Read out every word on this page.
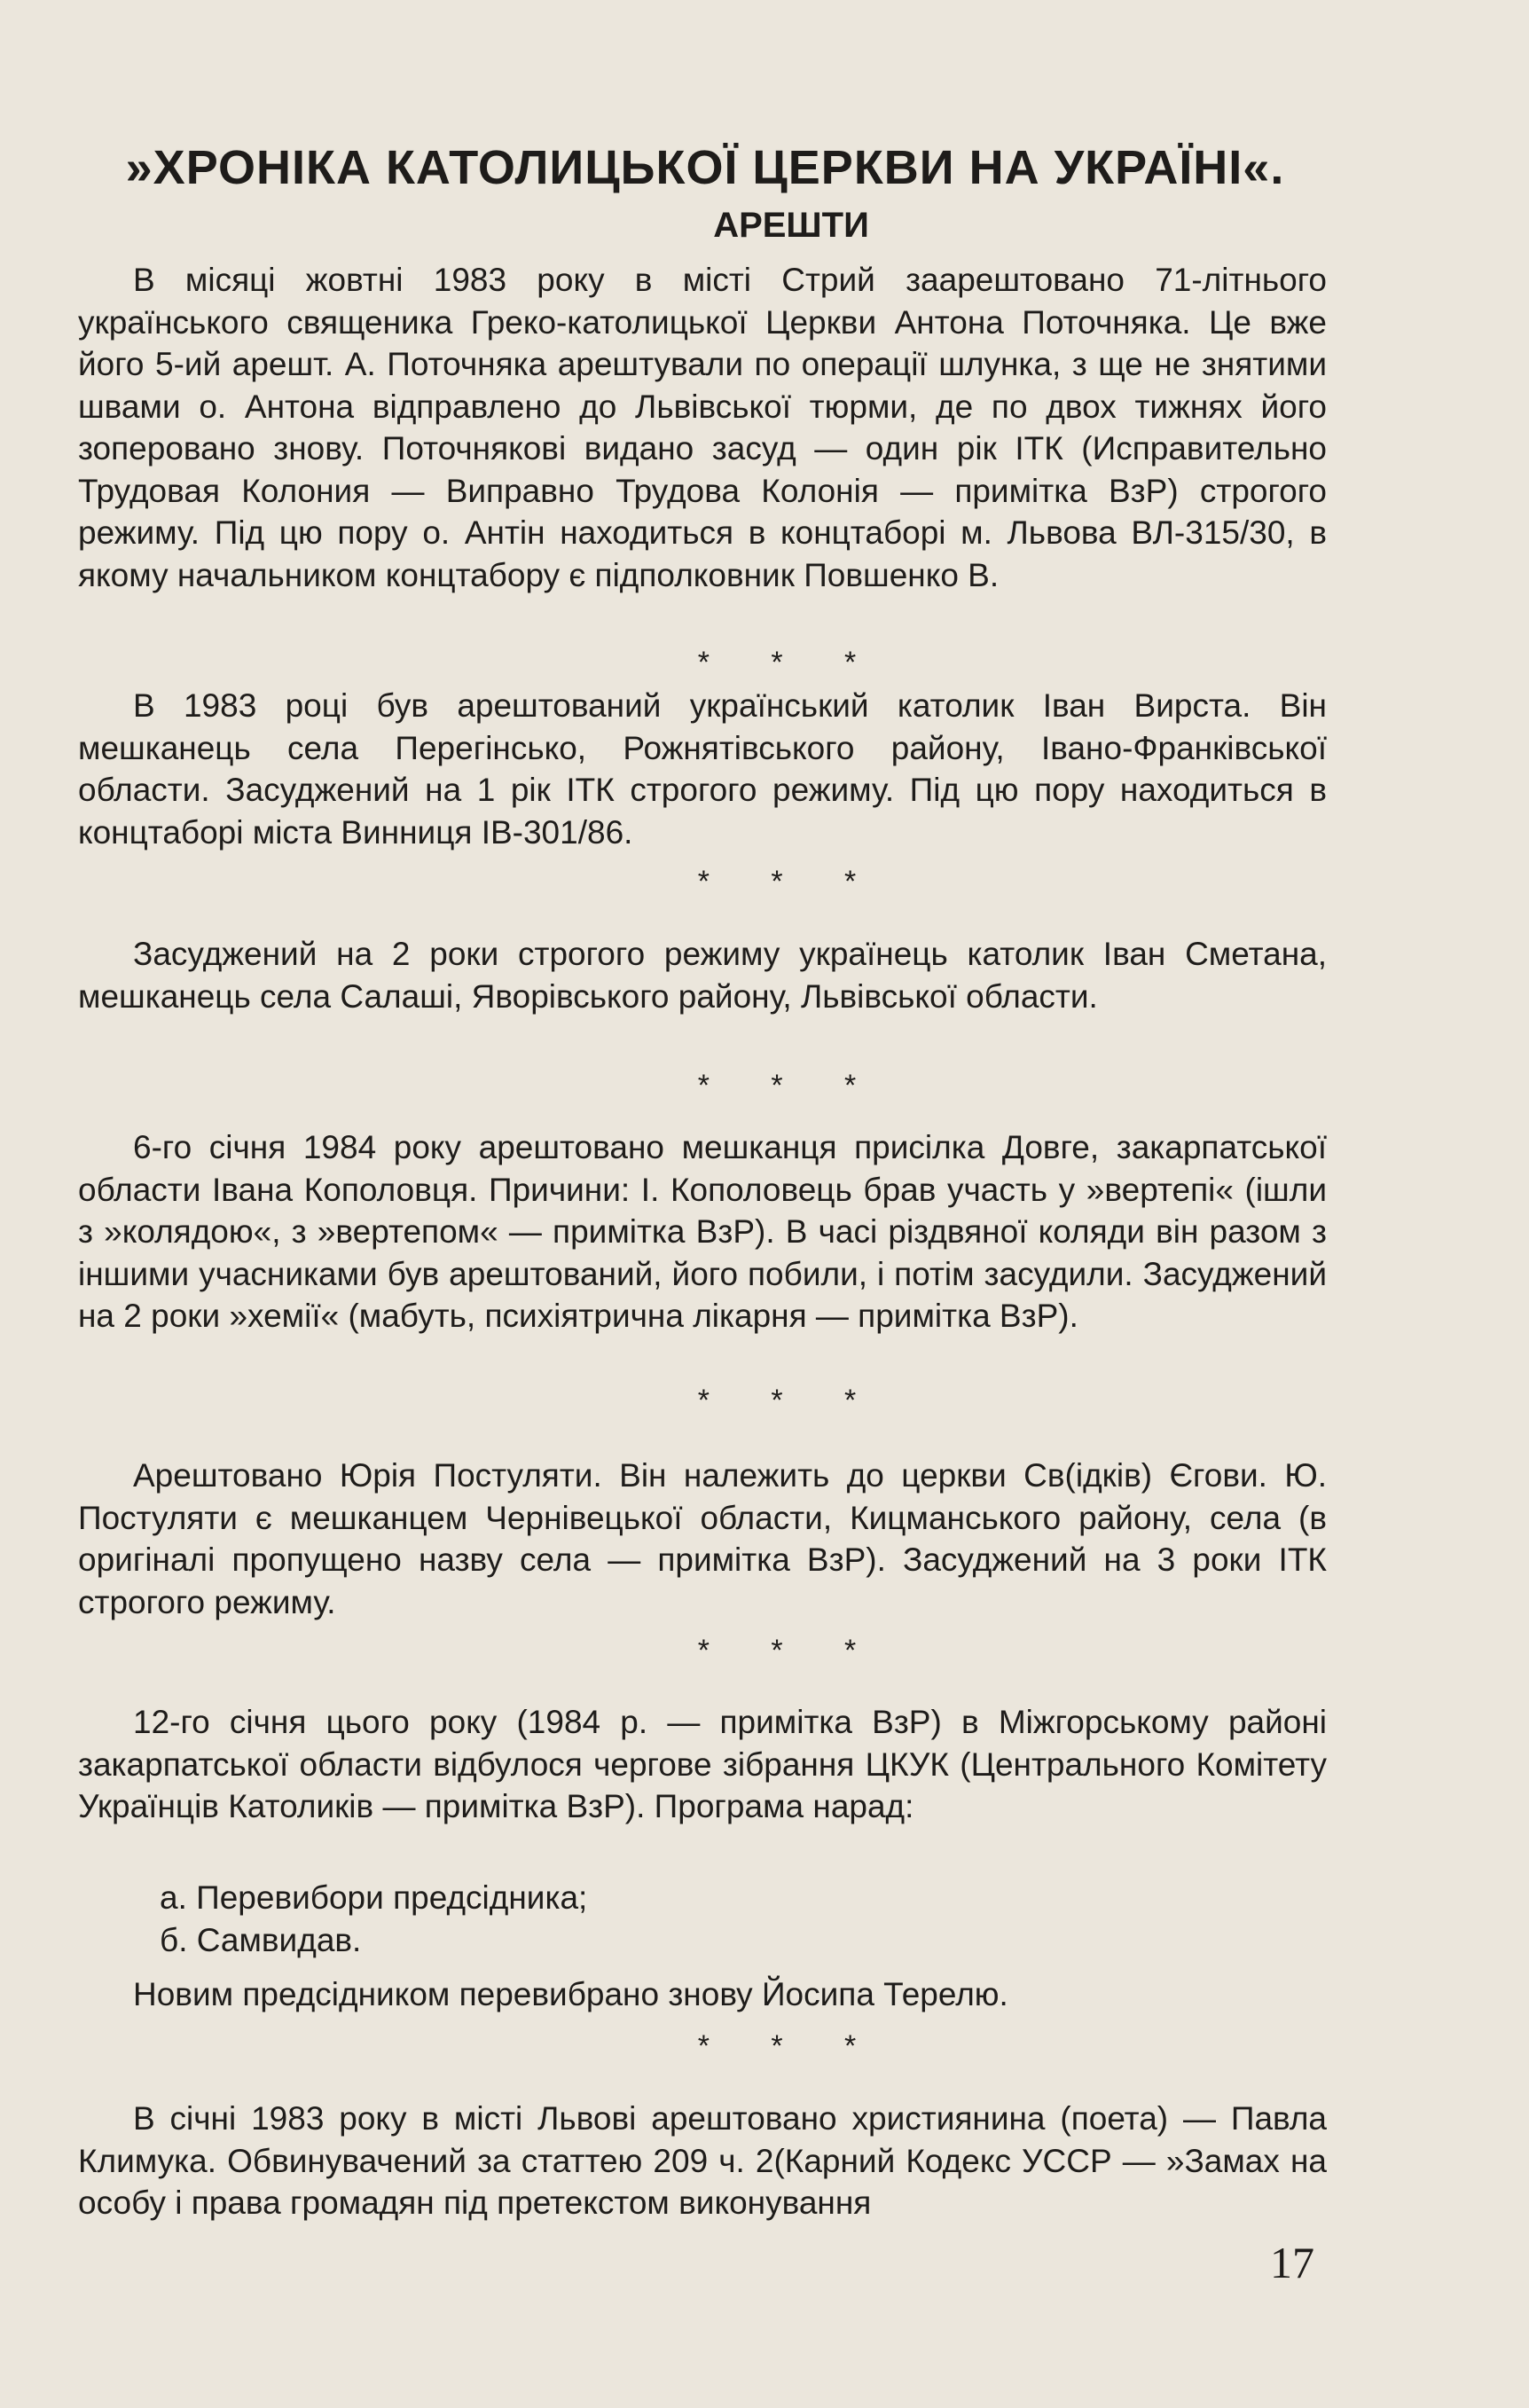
»ХРОНІКА КАТОЛИЦЬКОЇ ЦЕРКВИ НА УКРАЇНІ«.
АРЕШТИ

В місяці жовтні 1983 року в місті Стрий заарештовано 71-літнього українського священика Греко-католицької Церкви Антона Поточняка. Це вже його 5-ий арешт. А. Поточняка арештували по операції шлунка, з ще не знятими швами о. Антона відправлено до Львівської тюрми, де по двох тижнях його зоперовано знову. Поточнякові видано засуд — один рік ІТК (Исправительно Трудовая Колония — Виправно Трудова Колонія — примітка ВзР) строгого режиму. Під цю пору о. Антін находиться в концтаборі м. Львова ВЛ-315/30, в якому начальником концтабору є підполковник Повшенко В.

* * *

В 1983 році був арештований український католик Іван Вирста. Він мешканець села Перегінсько, Рожнятівського району, Івано-Франківської области. Засуджений на 1 рік ІТК строгого режиму. Під цю пору находиться в концтаборі міста Винниця ІВ-301/86.

* * *

Засуджений на 2 роки строгого режиму українець католик Іван Сметана, мешканець села Салаші, Яворівського району, Львівської области.

* * *

6-го січня 1984 року арештовано мешканця присілка Довге, закарпатської области Івана Кополовця. Причини: І. Кополовець брав участь у »вертепі« (ішли з »колядою«, з »вертепом« — примітка ВзР). В часі різдвяної коляди він разом з іншими учасниками був арештований, його побили, і потім засудили. Засуджений на 2 роки »хемії« (мабуть, психіятрична лікарня — примітка ВзР).

* * *

Арештовано Юрія Постуляти. Він належить до церкви Св(ідків) Єгови. Ю. Постуляти є мешканцем Чернівецької области, Кицманського району, села (в оригіналі пропущено назву села — примітка ВзР). Засуджений на 3 роки ІТК строгого режиму.

* * *

12-го січня цього року (1984 р. — примітка ВзР) в Міжгорському районі закарпатської области відбулося чергове зібрання ЦКУК (Центрального Комітету Українців Католиків — примітка ВзР). Програма нарад:

а. Перевибори предсідника;

б. Самвидав.

Новим предсідником перевибрано знову Йосипа Терелю.

* * *

В січні 1983 року в місті Львові арештовано християнина (поета) — Павла Климука. Обвинувачений за статтею 209 ч. 2(Карний Кодекс УССР — »Замах на особу і права громадян під претекстом виконування

17
